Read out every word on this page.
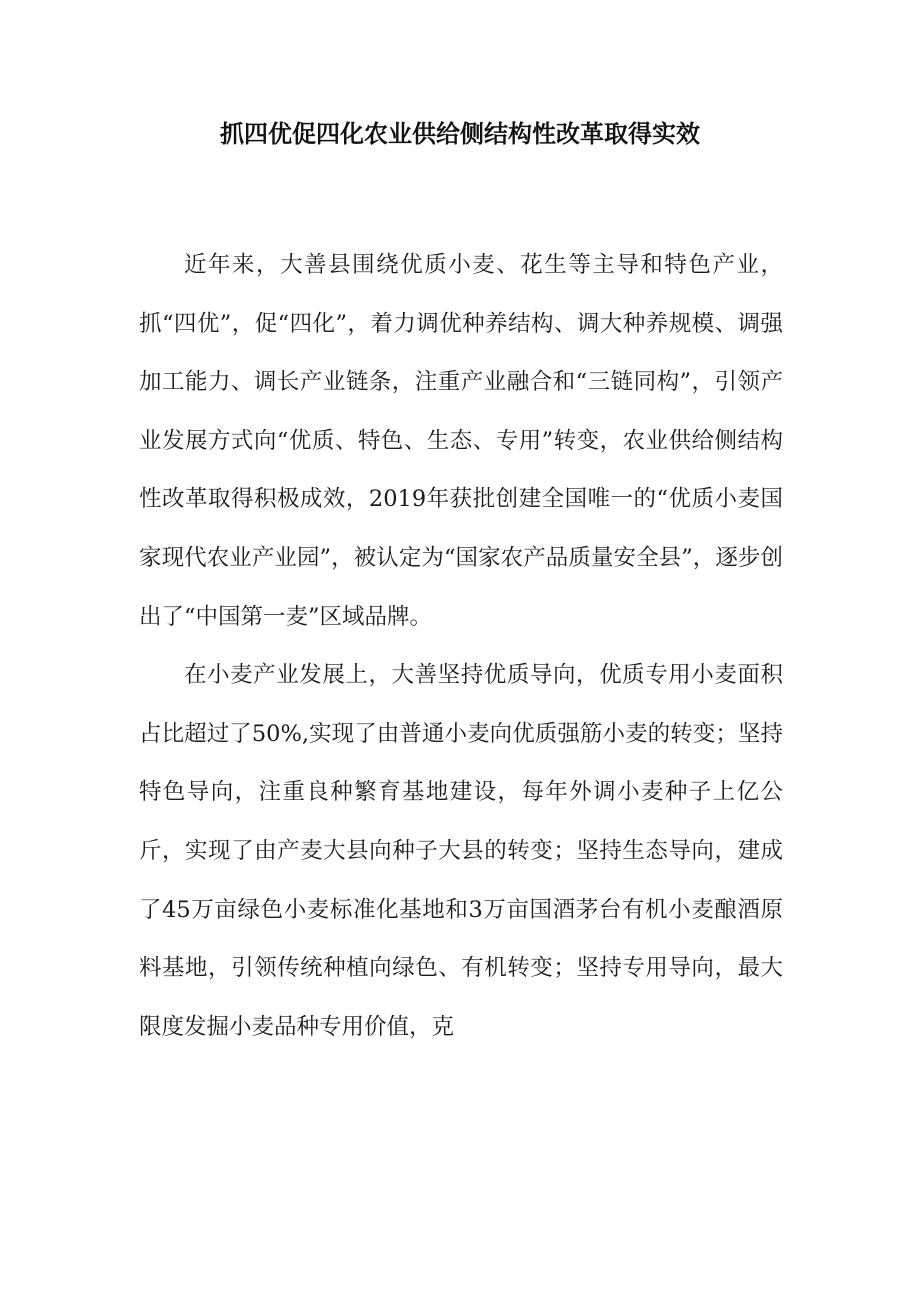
抓四优促四化农业供给侧结构性改革取得实效

近年来，大善县围绕优质小麦、花生等主导和特色产业，抓“四优”，促“四化”，着力调优种养结构、调大种养规模、调强加工能力、调长产业链条，注重产业融合和“三链同构”，引领产业发展方式向“优质、特色、生态、专用”转变，农业供给侧结构性改革取得积极成效，2019年获批创建全国唯一的“优质小麦国家现代农业产业园”，被认定为“国家农产品质量安全县”，逐步创出了“中国第一麦”区域品牌。

在小麦产业发展上，大善坚持优质导向，优质专用小麦面积占比超过了50%,实现了由普通小麦向优质强筋小麦的转变；坚持特色导向，注重良种繁育基地建设，每年外调小麦种子上亿公斤，实现了由产麦大县向种子大县的转变；坚持生态导向，建成了45万亩绿色小麦标准化基地和3万亩国酒茅台有机小麦酿酒原料基地，引领传统种植向绿色、有机转变；坚持专用导向，最大限度发掘小麦品种专用价值，克
